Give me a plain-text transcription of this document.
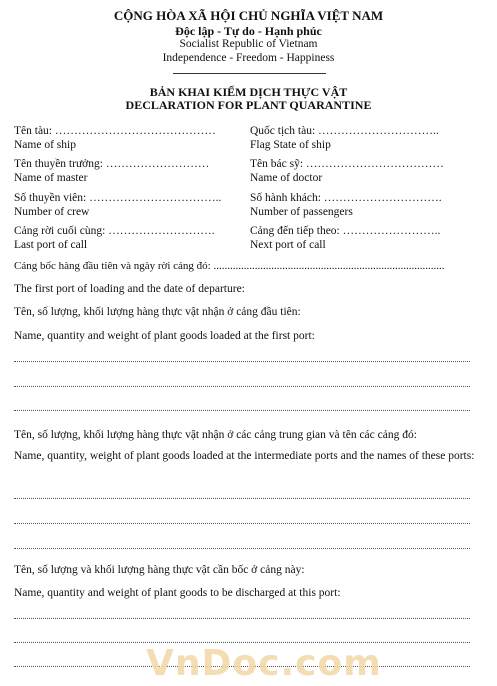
CỘNG HÒA XÃ HỘI CHỦ NGHĨA VIỆT NAM
Độc lập - Tự do - Hạnh phúc
Socialist Republic of Vietnam
Independence - Freedom - Happiness
BẢN KHAI KIỂM DỊCH THỰC VẬT
DECLARATION FOR PLANT QUARANTINE
Tên tàu: ……………………………………
Name of ship
Quốc tịch tàu: …………………………..
Flag State of ship
Tên thuyền trưởng: ………………………
Name of master
Tên bác sỹ: ………………………………
Name of doctor
Số thuyền viên: ……………………………..
Number of crew
Số hành khách: ………………………….
Number of passengers
Cảng rời cuối cùng: ……………………….
Last port of call
Cảng đến tiếp theo: ……………………..
Next port of call
Cảng bốc hàng đầu tiên và ngày rời cảng đó: ....................................................................................
The first port of loading and the date of departure:
Tên, số lượng, khối lượng hàng thực vật nhận ở cảng đầu tiên:
Name, quantity and weight of plant goods loaded at the first port:
Tên, số lượng, khối lượng hàng thực vật nhận ở các cảng trung gian và tên các cảng đó:
Name, quantity, weight of plant goods loaded at the intermediate ports and the names of these ports:
Tên, số lượng và khối lượng hàng thực vật cần bốc ở cảng này:
Name, quantity and weight of plant goods to be discharged at this port:
VnDoc.com
